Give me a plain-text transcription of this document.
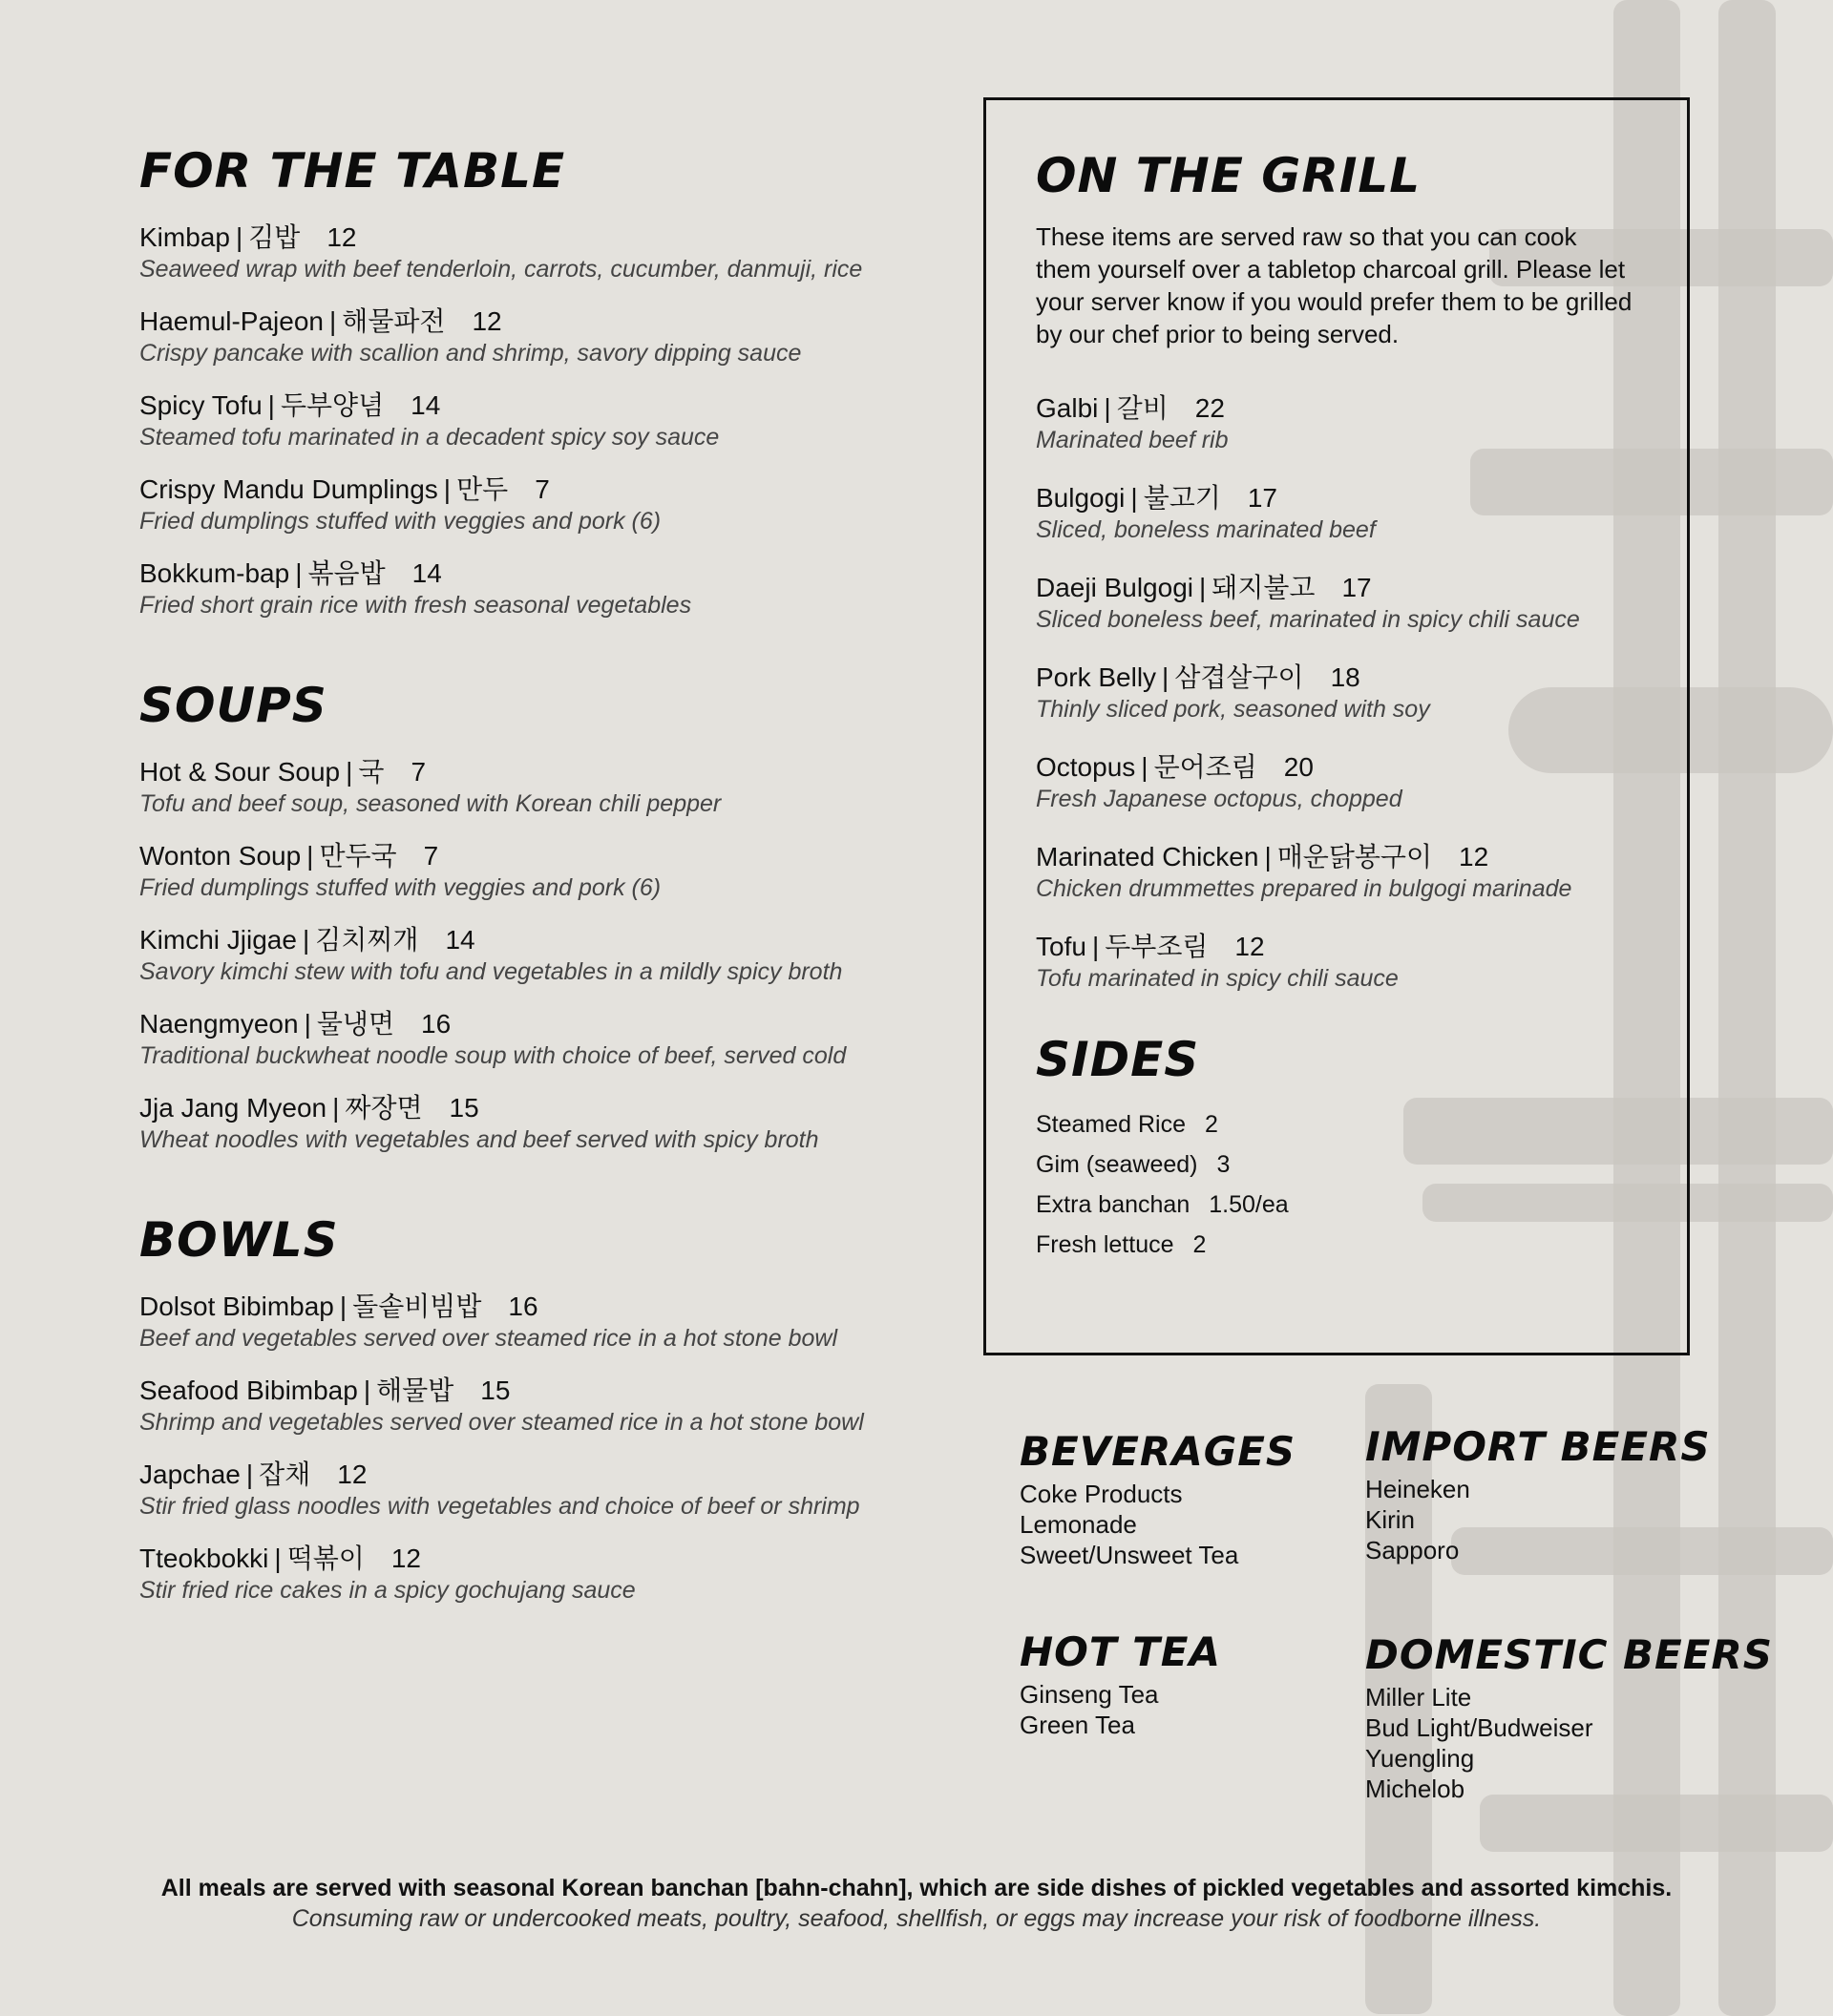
FOR THE TABLE
Kimbap | 김밥 12
Seaweed wrap with beef tenderloin, carrots, cucumber, danmuji, rice
Haemul-Pajeon | 해물파전 12
Crispy pancake with scallion and shrimp, savory dipping sauce
Spicy Tofu | 두부양념 14
Steamed tofu marinated in a decadent spicy soy sauce
Crispy Mandu Dumplings | 만두 7
Fried dumplings stuffed with veggies and pork (6)
Bokkum-bap | 볶음밥 14
Fried short grain rice with fresh seasonal vegetables
SOUPS
Hot & Sour Soup | 국 7
Tofu and beef soup, seasoned with Korean chili pepper
Wonton Soup | 만두국 7
Fried dumplings stuffed with veggies and pork (6)
Kimchi Jjigae | 김치찌개 14
Savory kimchi stew with tofu and vegetables in a mildly spicy broth
Naengmyeon | 물냉면 16
Traditional buckwheat noodle soup with choice of beef, served cold
Jja Jang Myeon | 짜장면 15
Wheat noodles with vegetables and beef served with spicy broth
BOWLS
Dolsot Bibimbap | 돌솥비빔밥 16
Beef and vegetables served over steamed rice in a hot stone bowl
Seafood Bibimbap | 해물밥 15
Shrimp and vegetables served over steamed rice in a hot stone bowl
Japchae | 잡채 12
Stir fried glass noodles with vegetables and choice of beef or shrimp
Tteokbokki | 떡볶이 12
Stir fried rice cakes in a spicy gochujang sauce
ON THE GRILL
These items are served raw so that you can cook them yourself over a tabletop charcoal grill. Please let your server know if you would prefer them to be grilled by our chef prior to being served.
Galbi | 갈비 22
Marinated beef rib
Bulgogi | 불고기 17
Sliced, boneless marinated beef
Daeji Bulgogi | 돼지불고 17
Sliced boneless beef, marinated in spicy chili sauce
Pork Belly | 삼겹살구이 18
Thinly sliced pork, seasoned with soy
Octopus | 문어조림 20
Fresh Japanese octopus, chopped
Marinated Chicken | 매운닭봉구이 12
Chicken drummettes prepared in bulgogi marinade
Tofu | 두부조림 12
Tofu marinated in spicy chili sauce
SIDES
Steamed Rice 2
Gim (seaweed) 3
Extra banchan 1.50/ea
Fresh lettuce 2
BEVERAGES
Coke Products
Lemonade
Sweet/Unsweet Tea
IMPORT BEERS
Heineken
Kirin
Sapporo
HOT TEA
Ginseng Tea
Green Tea
DOMESTIC BEERS
Miller Lite
Bud Light/Budweiser
Yuengling
Michelob
All meals are served with seasonal Korean banchan [bahn-chahn], which are side dishes of pickled vegetables and assorted kimchis.
Consuming raw or undercooked meats, poultry, seafood, shellfish, or eggs may increase your risk of foodborne illness.
